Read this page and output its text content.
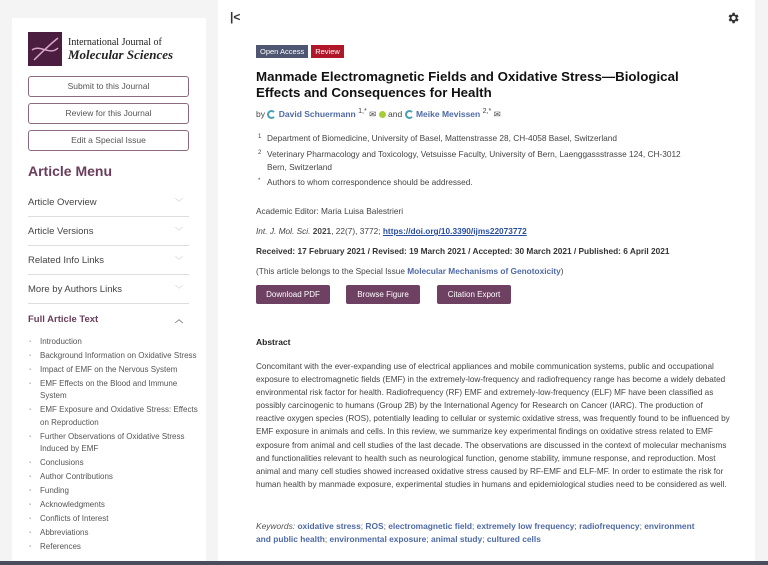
International Journal of
Molecular Sciences
Submit to this Journal
Review for this Journal
Edit a Special Issue
Article Menu
Article Overview	﹀
Article Versions	﹀
Related Info Links	﹀
More by Authors Links	﹀
Full Article Text	︿
▪ Introduction
▪ Background Information on Oxidative Stress
▪ Impact of EMF on the Nervous System
▪ EMF Effects on the Blood and Immune System
▪ EMF Exposure and Oxidative Stress: Effects on Reproduction
▪ Further Observations of Oxidative Stress Induced by EMF
▪ Conclusions
▪ Author Contributions
▪ Funding
▪ Acknowledgments
▪ Conflicts of Interest
▪ Abbreviations
▪ References
|<
Open Access	Review
Manmade Electromagnetic Fields and Oxidative Stress—Biological Effects and Consequences for Health
by David Schuermann $^{1,*}$ ✉ and Meike Mevissen $^{2,*}$ ✉
1 Department of Biomedicine, University of Basel, Mattenstrasse 28, CH-4058 Basel, Switzerland
2 Veterinary Pharmacology and Toxicology, Vetsuisse Faculty, University of Bern, Laenggassstrasse 124, CH-3012 Bern, Switzerland
* Authors to whom correspondence should be addressed.
Academic Editor: Maria Luisa Balestrieri
Int. J. Mol. Sci. 2021, 22(7), 3772; https://doi.org/10.3390/ijms22073772
Received: 17 February 2021 / Revised: 19 March 2021 / Accepted: 30 March 2021 / Published: 6 April 2021
(This article belongs to the Special Issue Molecular Mechanisms of Genotoxicity)
Download PDF	Browse Figure	Citation Export
Abstract
Concomitant with the ever-expanding use of electrical appliances and mobile communication systems, public and occupational exposure to electromagnetic fields (EMF) in the extremely-low-frequency and radiofrequency range has become a widely debated environmental risk factor for health. Radiofrequency (RF) EMF and extremely-low-frequency (ELF) MF have been classified as possibly carcinogenic to humans (Group 2B) by the International Agency for Research on Cancer (IARC). The production of reactive oxygen species (ROS), potentially leading to cellular or systemic oxidative stress, was frequently found to be influenced by EMF exposure in animals and cells. In this review, we summarize key experimental findings on oxidative stress related to EMF exposure from animal and cell studies of the last decade. The observations are discussed in the context of molecular mechanisms and functionalities relevant to health such as neurological function, genome stability, immune response, and reproduction. Most animal and many cell studies showed increased oxidative stress caused by RF-EMF and ELF-MF. In order to estimate the risk for human health by manmade exposure, experimental studies in humans and epidemiological studies need to be considered as well.
Keywords: oxidative stress; ROS; electromagnetic field; extremely low frequency; radiofrequency; environment and public health; environmental exposure; animal study; cultured cells
